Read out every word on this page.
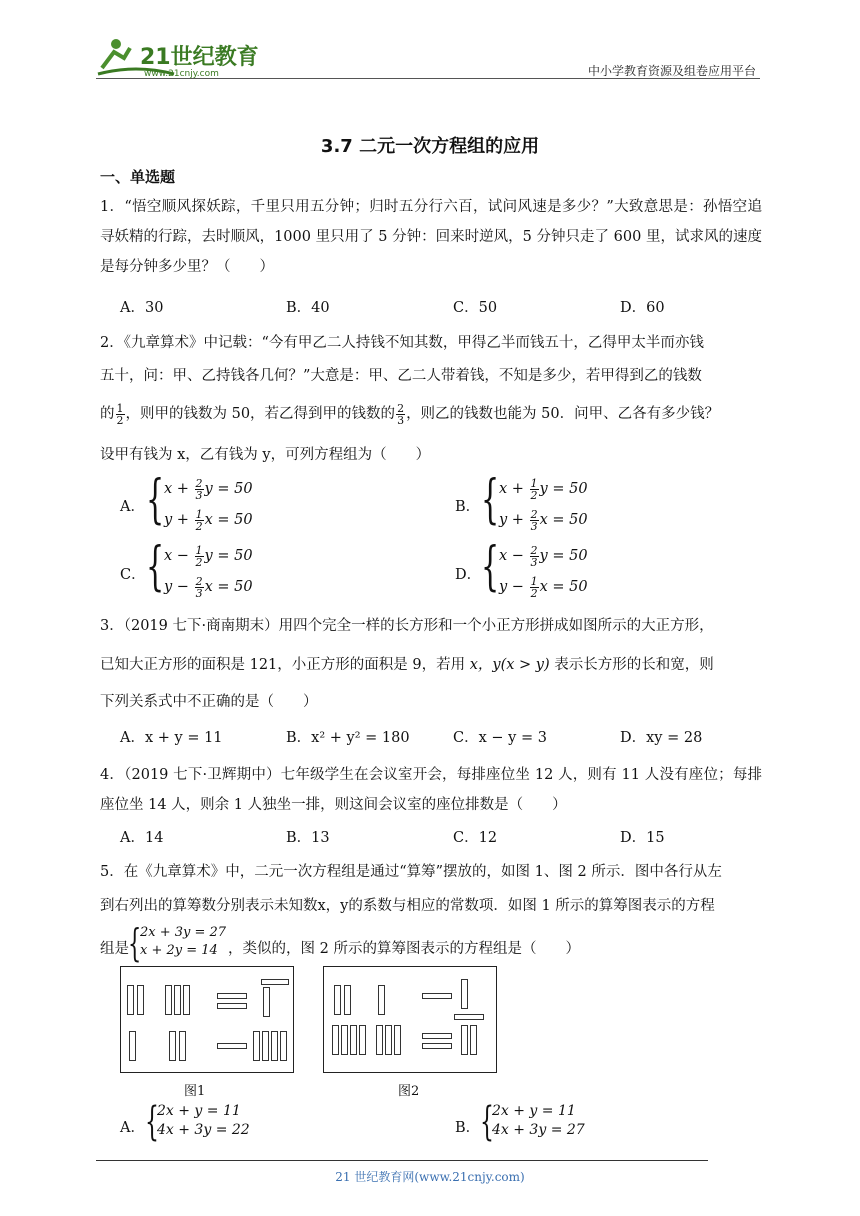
21世纪教育
www.21cnjy.com	中小学教育资源及组卷应用平台
3.7 二元一次方程组的应用
一、单选题
1．“悟空顺风探妖踪，千里只用五分钟；归时五分行六百，试问风速是多少？”大致意思是：孙悟空追寻妖精的行踪，去时顺风，1000 里只用了 5 分钟：回来时逆风，5 分钟只走了 600 里，试求风的速度是每分钟多少里？（　　）
A．30	B．40	C．50	D．60
2．《九章算术》中记载：“今有甲乙二人持钱不知其数，甲得乙半而钱五十，乙得甲太半而亦钱
五十，问：甲、乙持钱各几何？”大意是：甲、乙二人带着钱，不知是多少，若甲得到乙的钱数
的 $\frac{1}{2}$ ，则甲的钱数为 50，若乙得到甲的钱数的 $\frac{2}{3}$ ，则乙的钱数也能为 50．问甲、乙各有多少钱？
设甲有钱为 x，乙有钱为 y，可列方程组为（　　）
A． { $x + \frac{2}{3}$ y = 50
$y + \frac{1}{2}$ x = 50
B． { $x + \frac{1}{2}$ y = 50
$y + \frac{2}{3}$ x = 50
C． { $x - \frac{1}{2}$ y = 50
$y - \frac{2}{3}$ x = 50
D． { $x - \frac{2}{3}$ y = 50
$y - \frac{1}{2}$ x = 50
3．（2019 七下·商南期末）用四个完全一样的长方形和一个小正方形拼成如图所示的大正方形，
已知大正方形的面积是 121，小正方形的面积是 9，若用 x，y(x > y) 表示长方形的长和宽，则
下列关系式中不正确的是（　　）
A．x + y = 11	B．x² + y² = 180	C．x − y = 3	D．xy = 28
4．（2019 七下·卫辉期中）七年级学生在会议室开会，每排座位坐 12 人，则有 11 人没有座位；每排座位坐 14 人，则余 1 人独坐一排，则这间会议室的座位排数是（　　）
A．14	B．13	C．12	D．15
5．在《九章算术》中，二元一次方程组是通过“算筹”摆放的，如图 1、图 2 所示．图中各行从左
到右列出的算筹数分别表示未知数x，y的系数与相应的常数项．如图 1 所示的算筹图表示的方程
组是 {
2x + 3y = 27
x + 2y = 14 ，类似的，图 2 所示的算筹图表示的方程组是（　　）
图1	图2
A． {
2x + y = 11
4x + 3y = 22	B． {
2x + y = 11
4x + 3y = 27
21 世纪教育网(www.21cnjy.com)
